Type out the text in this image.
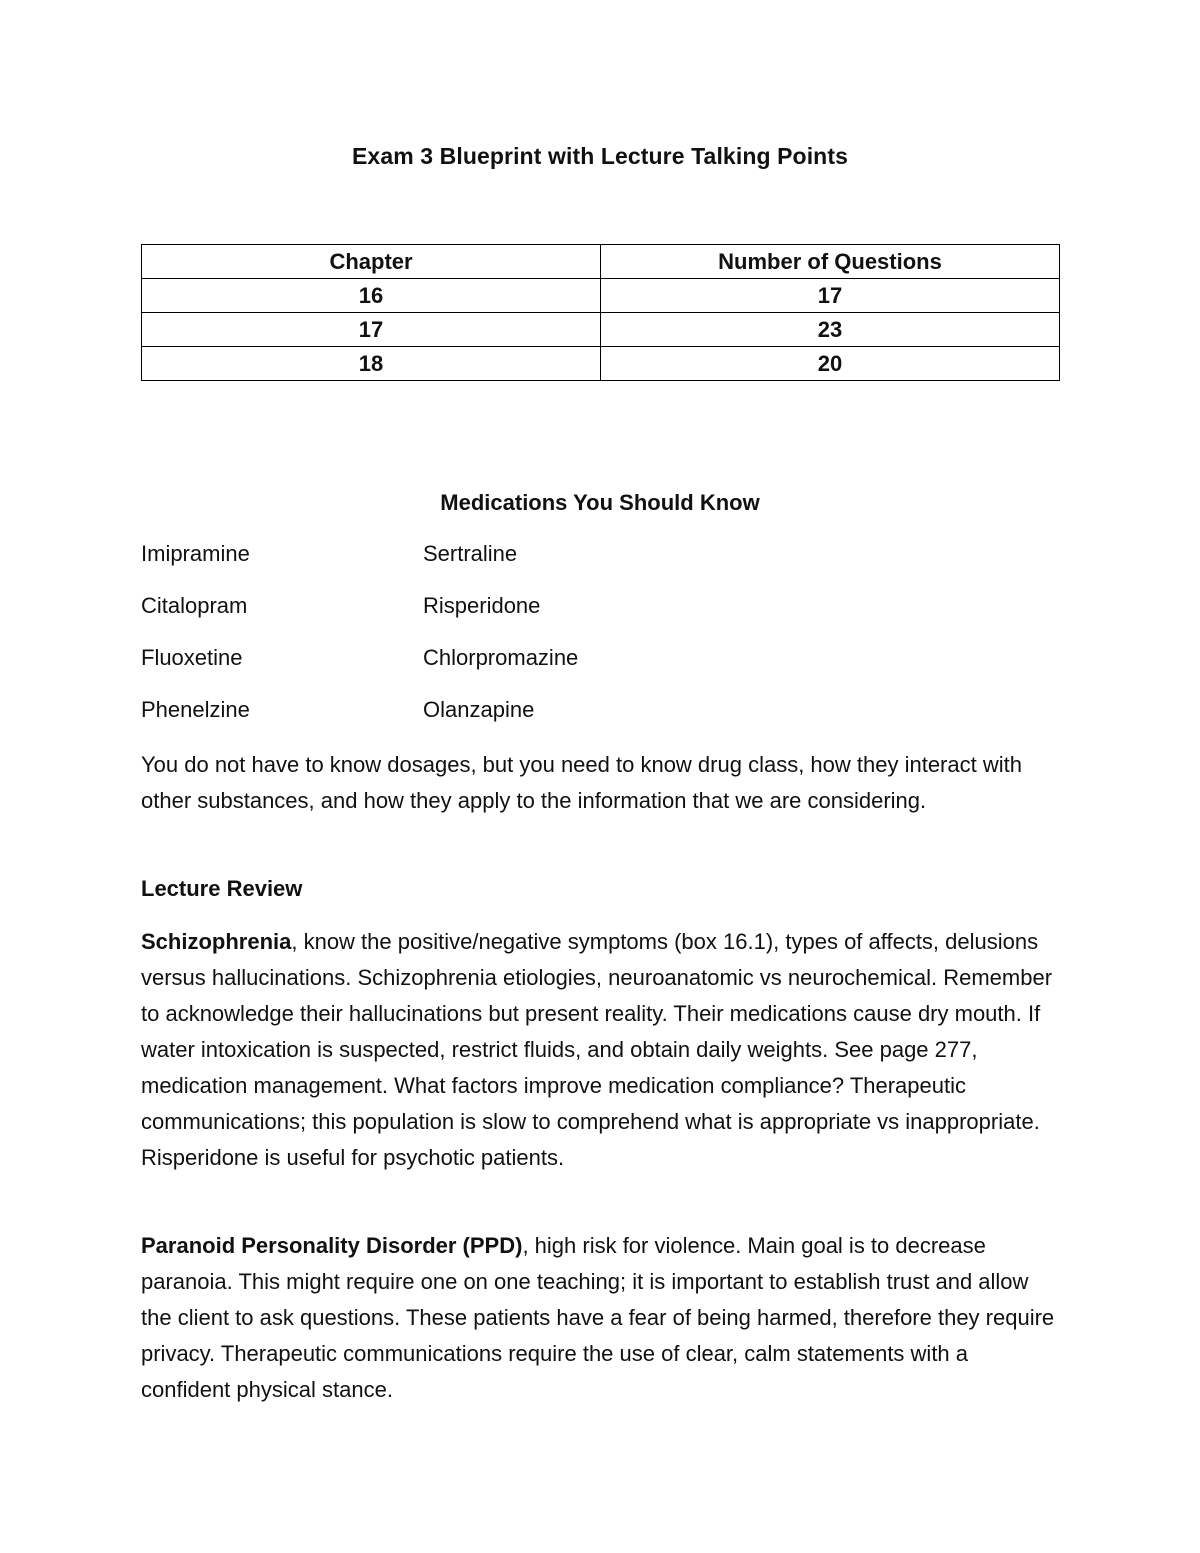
Exam 3 Blueprint with Lecture Talking Points
Chapter	Number of Questions
16	17
17	23
18	20
Medications You Should Know
Imipramine	Sertraline
Citalopram	Risperidone
Fluoxetine	Chlorpromazine
Phenelzine	Olanzapine

You do not have to know dosages, but you need to know drug class, how they interact with other substances, and how they apply to the information that we are considering.

Lecture Review

Schizophrenia, know the positive/negative symptoms (box 16.1), types of affects, delusions versus hallucinations. Schizophrenia etiologies, neuroanatomic vs neurochemical. Remember to acknowledge their hallucinations but present reality. Their medications cause dry mouth. If water intoxication is suspected, restrict fluids, and obtain daily weights. See page 277, medication management. What factors improve medication compliance? Therapeutic communications; this population is slow to comprehend what is appropriate vs inappropriate. Risperidone is useful for psychotic patients.

Paranoid Personality Disorder (PPD), high risk for violence. Main goal is to decrease paranoia. This might require one on one teaching; it is important to establish trust and allow the client to ask questions. These patients have a fear of being harmed, therefore they require privacy. Therapeutic communications require the use of clear, calm statements with a confident physical stance.
